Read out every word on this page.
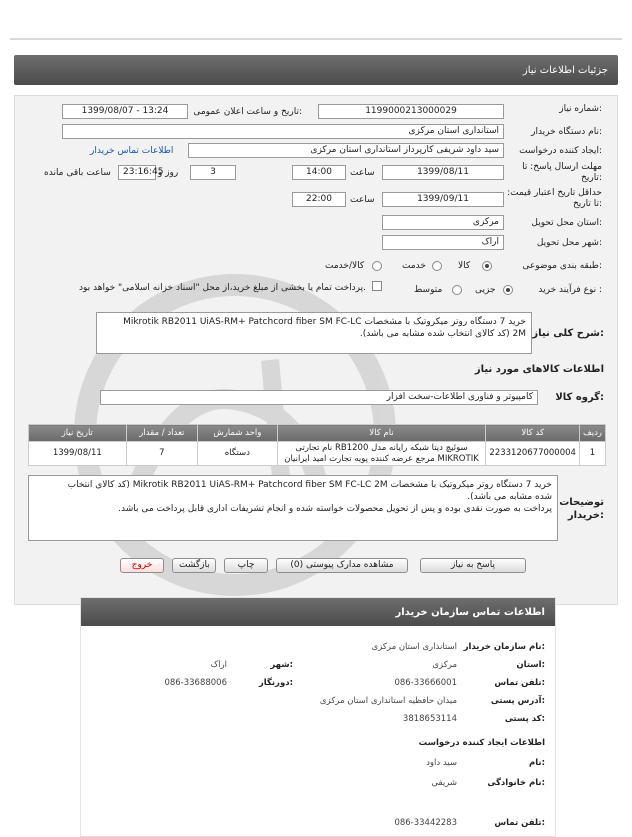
جزئیات اطلاعات نیاز
شماره نیاز:
1199000213000029
تاریخ و ساعت اعلان عمومی:
1399/08/07 - 13:24
نام دستگاه خریدار:
استانداری استان مرکزی
ایجاد کننده درخواست:
سید داود شریفی کارپرداز استانداری استان مرکزی
اطلاعات تماس خریدار
مهلت ارسال پاسخ: تا تاریخ:
1399/08/11
ساعت
14:00
3
روز و
23:16:45
ساعت باقی مانده
حداقل تاریخ اعتبار قیمت: تا تاریخ:
1399/09/11
ساعت
22:00
استان محل تحویل:
مرکزی
شهر محل تحویل:
اراک
طبقه بندی موضوعی:
کالا
خدمت
کالا/خدمت
نوع فرآیند خرید :
جزیی
متوسط
پرداخت تمام یا بخشی از مبلغ خرید،از محل "اسناد خزانه اسلامی" خواهد بود.
شرح کلی نیاز:
خرید 7 دستگاه روتر میکروتیک با مشخصات Mikrotik RB2011 UiAS-RM+ Patchcord fiber SM FC-LC
2M (کد کالای انتخاب شده مشابه می باشد).
اطلاعات کالاهای مورد نیاز
گروه کالا:
کامپیوتر و فناوری اطلاعات-سخت افزار
ردیف	کد کالا	نام کالا	واحد شمارش	تعداد / مقدار	تاریخ نیاز
1	2233120677000004	سوئیچ دیتا شبکه رایانه مدل RB1200 نام تجارتی
MIKROTIK مرجع عرضه کننده پویه تجارت امید ایرانیان	دستگاه	7	1399/08/11
توضیحات خریدار:
خرید 7 دستگاه روتر میکروتیک با مشخصات Mikrotik RB2011 UiAS-RM+ Patchcord fiber SM FC-LC 2M (کد کالای انتخاب
شده مشابه می باشد).
پرداخت به صورت نقدی بوده و پس از تحویل محصولات خواسته شده و انجام تشریفات اداری قابل پرداخت می باشد.
پاسخ به نیاز
مشاهده مدارک پیوستی (0)
چاپ
بازگشت
خروج
اطلاعات تماس سازمان خریدار
نام سازمان خریدار:
استانداری استان مرکزی
استان:
مرکزی
شهر:
اراک
تلفن تماس:
086-33666001
دورنگار:
086-33688006
آدرس پستی:
میدان حافظیه استانداری استان مرکزی
کد پستی:
3818653114
اطلاعات ایجاد کننده درخواست
نام:
سید داود
نام خانوادگی:
شریفی
تلفن تماس:
086-33442283
